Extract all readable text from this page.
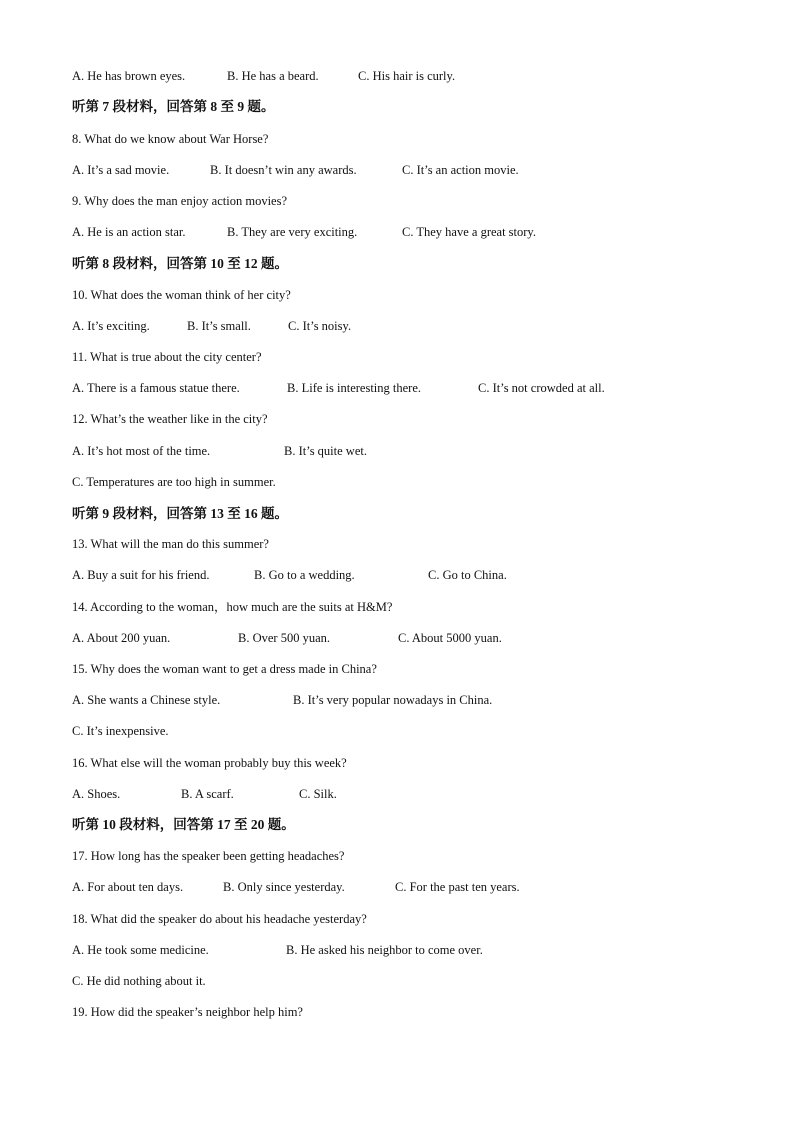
A. He has brown eyes.	B. He has a beard.	C. His hair is curly.
听第 7 段材料，回答第 8 至 9 题。
8. What do we know about War Horse?
A. It’s a sad movie.	B. It doesn’t win any awards.	C. It’s an action movie.
9. Why does the man enjoy action movies?
A. He is an action star.	B. They are very exciting.	C. They have a great story.
听第 8 段材料，回答第 10 至 12 题。
10. What does the woman think of her city?
A. It’s exciting.	B. It’s small.	C. It’s noisy.
11. What is true about the city center?
A. There is a famous statue there.	B. Life is interesting there.	C. It’s not crowded at all.
12. What’s the weather like in the city?
A. It’s hot most of the time.	B. It’s quite wet.
C. Temperatures are too high in summer.
听第 9 段材料，回答第 13 至 16 题。
13. What will the man do this summer?
A. Buy a suit for his friend.	B. Go to a wedding.	C. Go to China.
14. According to the woman，how much are the suits at H&M?
A. About 200 yuan.	B. Over 500 yuan.	C. About 5000 yuan.
15. Why does the woman want to get a dress made in China?
A. She wants a Chinese style.	B. It’s very popular nowadays in China.
C. It’s inexpensive.
16. What else will the woman probably buy this week?
A. Shoes.	B. A scarf.	C. Silk.
听第 10 段材料，回答第 17 至 20 题。
17. How long has the speaker been getting headaches?
A. For about ten days.	B. Only since yesterday.	C. For the past ten years.
18. What did the speaker do about his headache yesterday?
A. He took some medicine.	B. He asked his neighbor to come over.
C. He did nothing about it.
19. How did the speaker’s neighbor help him?
